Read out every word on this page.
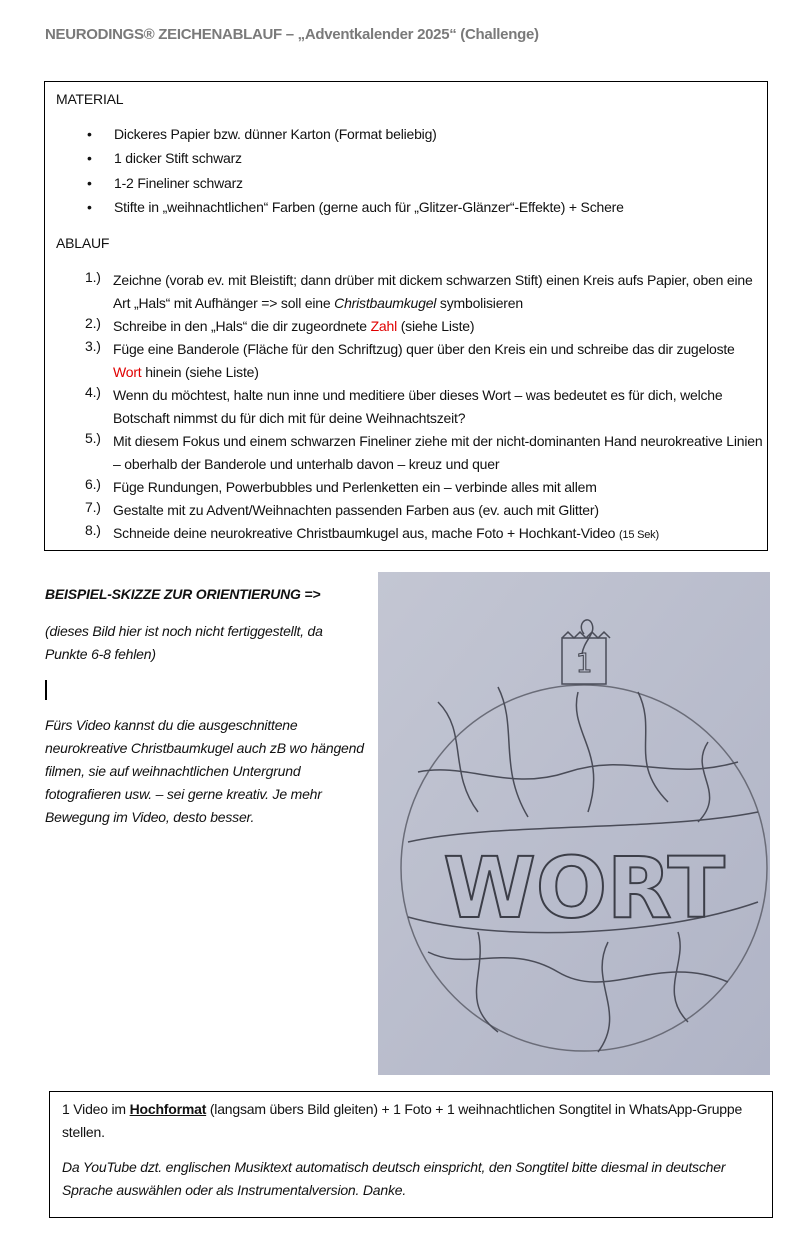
NEURODINGS® ZEICHENABLAUF – „Adventkalender 2025“ (Challenge)
MATERIAL
• Dickeres Papier bzw. dünner Karton (Format beliebig)
• 1 dicker Stift schwarz
• 1-2 Fineliner schwarz
• Stifte in „weihnachtlichen“ Farben (gerne auch für „Glitzer-Glänzer“-Effekte) + Schere
ABLAUF
1.) Zeichne (vorab ev. mit Bleistift; dann drüber mit dickem schwarzen Stift) einen Kreis aufs Papier, oben eine Art „Hals“ mit Aufhänger => soll eine Christbaumkugel symbolisieren
2.) Schreibe in den „Hals“ die dir zugeordnete Zahl (siehe Liste)
3.) Füge eine Banderole (Fläche für den Schriftzug) quer über den Kreis ein und schreibe das dir zugeloste Wort hinein (siehe Liste)
4.) Wenn du möchtest, halte nun inne und meditiere über dieses Wort – was bedeutet es für dich, welche Botschaft nimmst du für dich mit für deine Weihnachtszeit?
5.) Mit diesem Fokus und einem schwarzen Fineliner ziehe mit der nicht-dominanten Hand neurokreative Linien – oberhalb der Banderole und unterhalb davon – kreuz und quer
6.) Füge Rundungen, Powerbubbles und Perlenketten ein – verbinde alles mit allem
7.) Gestalte mit zu Advent/Weihnachten passenden Farben aus (ev. auch mit Glitter)
8.) Schneide deine neurokreative Christbaumkugel aus, mache Foto + Hochkant-Video (15 Sek)
BEISPIEL-SKIZZE ZUR ORIENTIERUNG =>
(dieses Bild hier ist noch nicht fertiggestellt, da Punkte 6-8 fehlen)
Fürs Video kannst du die ausgeschnittene neurokreative Christbaumkugel auch zB wo hängend filmen, sie auf weihnachtlichen Untergrund fotografieren usw. – sei gerne kreativ. Je mehr Bewegung im Video, desto besser.
1
WORT

1 Video im Hochformat (langsam übers Bild gleiten) + 1 Foto + 1 weihnachtlichen Songtitel in WhatsApp-Gruppe stellen.

Da YouTube dzt. englischen Musiktext automatisch deutsch einspricht, den Songtitel bitte diesmal in deutscher Sprache auswählen oder als Instrumentalversion. Danke.
